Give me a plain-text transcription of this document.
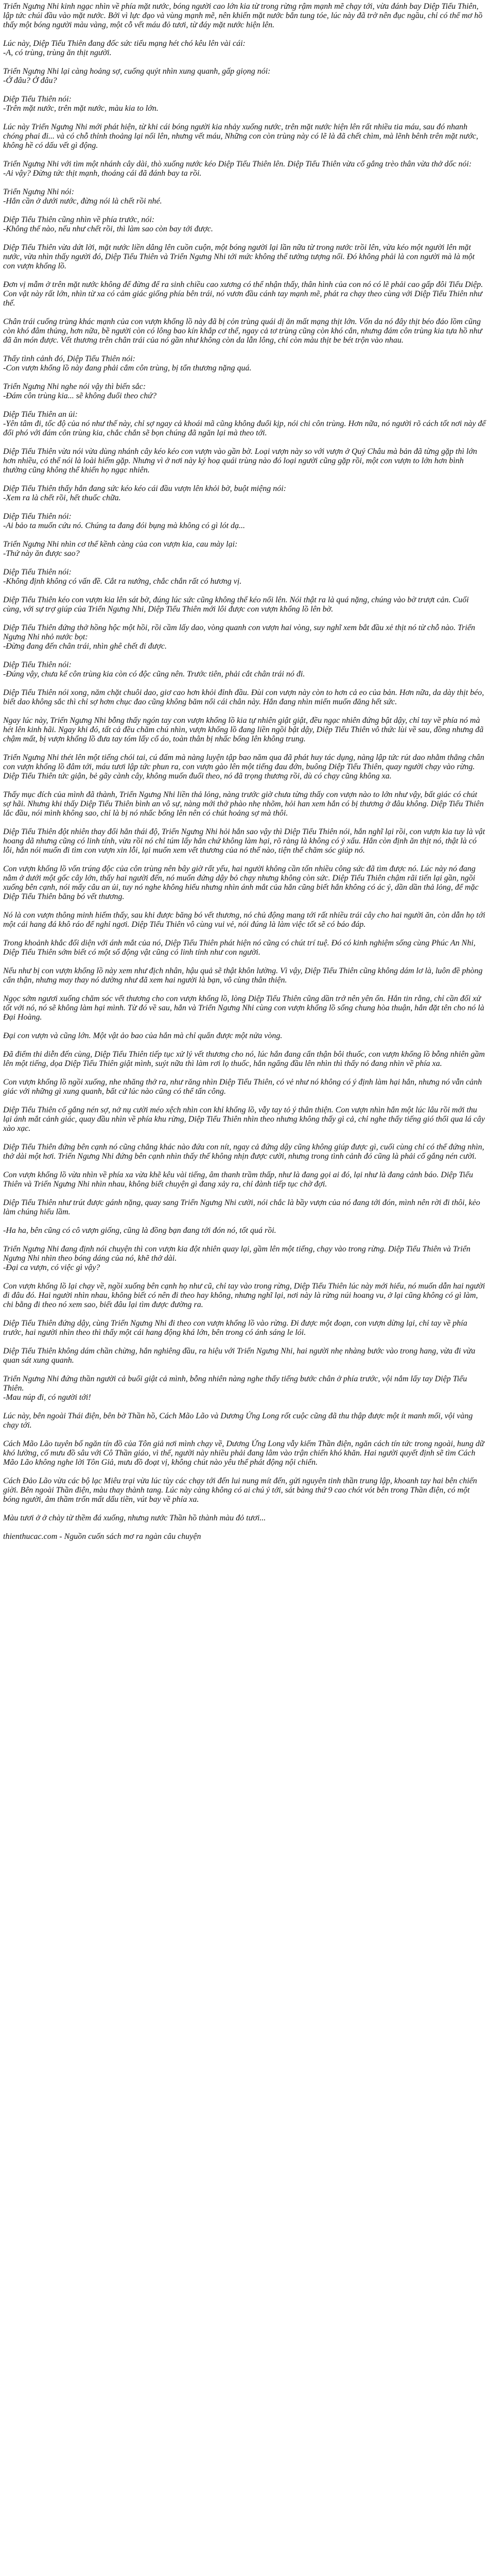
Triển Ngưng Nhi kinh ngạc nhìn về phía mặt nước, bóng người cao lớn kia từ trong rừng rậm mạnh mẽ chạy tới, vừa đánh bay Diệp Tiểu Thiên, lập tức chúi đầu vào mặt nước. Bởi vì lực đạo và vùng mạnh mẽ, nên khiến mặt nước bắn tung tóe, lúc này đã trở nên đục ngầu, chỉ có thể mơ hồ thấy một bóng người màu vàng, một cỗ vết máu đỏ tươi, từ đáy mặt nước hiện lên.

Lúc này, Diệp Tiểu Thiên đang đốc sức tiểu mạng hét chó kêu lên vài cái:
-A, có trùng, trùng ăn thịt người.

Triển Ngưng Nhi lại càng hoảng sợ, cuống quýt nhìn xung quanh, gấp giọng nói:
-Ở đâu? Ở đâu?

Diệp Tiểu Thiên nói:
-Trên mặt nước, trên mặt nước, màu kia to lớn.

Lúc này Triển Ngưng Nhi mới phát hiện, từ khi cái bóng người kia nhảy xuống nước, trên mặt nước hiện lên rất nhiều tia máu, sau đó nhanh chóng phai đi... và có chỗ thỉnh thoảng lại nổi lên, nhưng vết máu, Những con còn trùng này có lẽ là đã chết chìm, mà lẽnh bênh trên mặt nước, không hề có dấu vết gì động.

Triển Ngưng Nhi với tìm một nhánh cây dài, thò xuống nước kéo Diệp Tiểu Thiên lên. Diệp Tiểu Thiên vừa cố gắng trèo thân vừa thở dốc nói:
-Ai vậy? Đừng tức thịt mạnh, thoáng cái đã đánh bay ta rồi.

Triển Ngưng Nhi nói:
-Hắn cần ở dưới nước, đừng nói là chết rồi nhé.

Diệp Tiểu Thiên cũng nhìn về phía trước, nói:
-Không thể nào, nếu như chết rồi, thì làm sao còn bay tới được.

Diệp Tiểu Thiên vừa dứt lời, mặt nước liền dâng lên cuồn cuộn, một bóng người lại lần nữa từ trong nước trồi lên, vừa kéo một người lên mặt nước, vừa nhìn thấy người đó, Diệp Tiểu Thiên và Triển Ngưng Nhi tới mức không thể tưởng tượng nổi. Đó không phải là con người mà là một con vượn khổng lồ.

Đơn vị mẫm ở trên mặt nước không để đừng để ra sinh chiều cao xương có thể nhận thấy, thân hình của con nó có lẽ phải cao gấp đôi Tiểu Diệp. Con vật này rất lớn, nhìn từ xa có cảm giác giống phía bên trái, nó vươn đầu cánh tay mạnh mẽ, phát ra chạy theo cùng với Diệp Tiểu Thiên như thế.

Chân trái cuống trùng khác mạnh của con vượn khổng lồ này đã bị cỏn trùng quái dị ăn mất mạng thịt lớn. Vốn da nó đây thịt béo đáo lồm cũng còn khó đâm thủng, hơn nữa, bề người còn có lông bao kín khắp cơ thể, ngay cả tơ trùng cũng còn khó cắn, nhưng đám côn trùng kia tựa hồ như đã ăn món được. Vết thương trên chân trái của nó gần như không còn da lẫn lông, chỉ còn màu thịt be bét trộn vào nhau.

Thấy tình cảnh đó, Diệp Tiểu Thiên nói:
-Con vượn khổng lồ này đang phải cắm côn trùng, bị tổn thương nặng quá.

Triển Ngưng Nhi nghe nói vậy thì biến sắc:
-Đám côn trùng kia... sẽ không đuổi theo chứ?

Diệp Tiểu Thiên an ủi:
-Yên tâm đi, tốc độ của nó như thế này, chỉ sợ ngay cả khoái mã cũng không đuổi kịp, nói chi côn trùng. Hơn nữa, nó người rõ cách tốt nơi này để đổi phó với đám côn trùng kia, chắc chắn sẽ bọn chúng đã ngăn lại mà theo tới.

Diệp Tiểu Thiên vừa nói vừa dùng nhánh cây kéo kéo con vượn vào gần bờ. Loại vượn này so với vượn ở Quý Châu mà bản đã từng gặp thì lớn hơn nhiều, có thể nói là loài hiếm gặp. Nhưng vì ở nơi này ký hoạ quái trùng nào đó loại người cũng gặp rồi, một con vượn to lớn hơn bình thường cũng không thể khiến họ ngạc nhiên.

Diệp Tiểu Thiên thấy hắn đang sức kéo kéo cái đầu vượn lên khỏi bờ, buột miệng nói:
-Xem ra là chết rồi, hết thuốc chữa.

Diệp Tiểu Thiên nói:
-Ai bảo ta muốn cứu nó. Chúng ta đang đói bụng mà không có gì lót dạ...

Triển Ngưng Nhi nhìn cơ thể kềnh càng của con vượn kia, cau mày lại:
-Thứ này ăn được sao?

Diệp Tiểu Thiên nói:
-Không định không có vấn đề. Cắt ra nướng, chắc chắn rất có hương vị.

Diệp Tiểu Thiên kéo con vượn kia lên sát bờ, đúng lúc sức cũng không thể kéo nổi lên. Nói thật ra là quá nặng, chúng vào bờ trượt cản. Cuối cùng, với sự trợ giúp của Triển Ngưng Nhi, Diệp Tiểu Thiên mới lôi được con vượn khổng lồ lên bờ.

Diệp Tiểu Thiên đứng thở hồng hộc một hồi, rồi cầm lấy dao, vòng quanh con vượn hai vòng, suy nghĩ xem bắt đầu xẻ thịt nó từ chỗ nào. Triển Ngưng Nhi nhỏ nước bọt:
-Đừng đang đến chân trái, nhìn ghê chết đi được.

Diệp Tiểu Thiên nói:
-Đúng vậy, chưa kể côn trùng kia còn có độc cũng nên. Trước tiên, phải cắt chân trái nó đi.

Diệp Tiểu Thiên nói xong, năm chặt chuôi dao, giơ cao hơn khỏi đỉnh đầu. Đùi con vượn này còn to hơn cả eo của bản. Hơn nữa, da dày thịt béo, biết dao không sắc thì chỉ sợ hơm chục đao cũng không băm nổi cái chân này. Hắn đang nhìn miến muốn đăng hết sức.

Ngay lúc này, Triển Ngưng Nhi bỗng thấy ngón tay con vượn khổng lồ kia tự nhiên giật giật, đều ngạc nhiên đứng bật dậy, chỉ tay về phía nó mà hét lên kinh hãi. Ngay khi đó, tất cả đều chăm chú nhìn, vượn khổng lồ đang liền ngồi bật dậy, Diệp Tiểu Thiên vô thức lùi về sau, đồng nhưng đã chậm mất, bị vượn khổng lồ đưa tay tóm lấy cổ áo, toàn thân bị nhấc bổng lên không trung.

Triển Ngưng Nhi thét lên một tiếng chói tai, cú đấm mà nàng luyện tập bao năm qua đã phát huy tác dụng, nàng lập tức rút dao nhằm thẳng chân con vượn khổng lồ đâm tới, máu tươi lập tức phun ra, con vượn gào lên một tiếng đau đớn, buông Diệp Tiểu Thiên, quay người chạy vào rừng. Diệp Tiểu Thiên tức giận, bẻ gãy cành cây, không muốn đuổi theo, nó đã trọng thương rồi, dù có chạy cũng không xa.

Thấy mục đích của mình đã thành, Triển Ngưng Nhi liền thả lỏng, nàng trước giờ chưa từng thấy con vượn nào to lớn như vậy, bất giác có chút sợ hãi. Nhưng khi thấy Diệp Tiểu Thiên bình an vô sự, nàng mới thở phào nhẹ nhõm, hỏi han xem hắn có bị thương ở đâu không. Diệp Tiểu Thiên lắc đầu, nói mình không sao, chỉ là bị nó nhấc bổng lên nên có chút hoảng sợ mà thôi.

Diệp Tiểu Thiên đột nhiên thay đổi hẳn thái độ, Triển Ngưng Nhi hỏi hắn sao vậy thì Diệp Tiểu Thiên nói, hắn nghĩ lại rồi, con vượn kia tuy là vật hoang dã nhưng cũng có linh tính, vừa rồi nó chỉ túm lấy hắn chứ không làm hại, rõ ràng là không có ý xấu. Hắn còn định ăn thịt nó, thật là có lỗi, hắn nói muốn đi tìm con vượn xin lỗi, lại muốn xem vết thương của nó thế nào, tiện thể chăm sóc giúp nó.

Con vượn khổng lồ vốn trúng độc của côn trùng nên bây giờ rất yếu, hai người không cần tốn nhiều công sức đã tìm được nó. Lúc này nó đang nằm ở dưới một gốc cây lớn, thấy hai người đến, nó muốn đứng dậy bỏ chạy nhưng không còn sức. Diệp Tiểu Thiên chậm rãi tiến lại gần, ngồi xuống bên cạnh, nói mấy câu an ủi, tuy nó nghe không hiểu nhưng nhìn ánh mắt của hắn cũng biết hắn không có ác ý, dần dần thả lỏng, để mặc Diệp Tiểu Thiên băng bó vết thương.

Nó là con vượn thông minh hiếm thấy, sau khi được băng bó vết thương, nó chủ động mang tới rất nhiều trái cây cho hai người ăn, còn dẫn họ tới một cái hang đá khô ráo để nghỉ ngơi. Diệp Tiểu Thiên vô cùng vui vẻ, nói đúng là làm việc tốt sẽ có báo đáp.

Trong khoảnh khắc đối diện với ánh mắt của nó, Diệp Tiểu Thiên phát hiện nó cũng có chút trí tuệ. Đó có kinh nghiệm sống cùng Phúc An Nhi, Diệp Tiểu Thiên sớm biết có một số động vật cũng có linh tính như con người.

Nếu như bị con vượn khổng lồ này xem như địch nhân, hậu quả sẽ thật khôn lường. Vì vậy, Diệp Tiểu Thiên cũng không dám lơ là, luôn đề phòng cẩn thận, nhưng may thay nó dường như đã xem hai người là bạn, vô cùng thân thiện.

Ngọc sớm ngươi xuống chăm sóc vết thương cho con vượn khổng lồ, lòng Diệp Tiểu Thiên cũng dần trở nên yên ổn. Hắn tin rằng, chỉ cần đối xử tốt với nó, nó sẽ không làm hại mình. Từ đó về sau, hắn và Triển Ngưng Nhi cùng con vượn khổng lồ sống chung hòa thuận, hắn đặt tên cho nó là Đại Hoàng.

Đại con vượn và cũng lớn. Một vật ảo bao của hắn mà chỉ quẩn được một nửa vòng.

Đã điểm thi diễn đến cùng, Diệp Tiểu Thiên tiếp tục xử lý vết thương cho nó, lúc hắn đang cẩn thận bôi thuốc, con vượn khổng lồ bỗng nhiên gầm lên một tiếng, dọa Diệp Tiểu Thiên giật mình, suýt nữa thì làm rơi lọ thuốc, hắn ngẩng đầu lên nhìn thì thấy nó đang nhìn về phía xa.

Con vượn khổng lồ ngồi xuống, nhe nhăng thở ra, như răng nhìn Diệp Tiểu Thiên, có vẻ như nó không có ý định làm hại hắn, nhưng nó vẫn cảnh giác với những gì xung quanh, bất cứ lúc nào cũng có thể tấn công.

Diệp Tiểu Thiên cố gắng nén sợ, nở nụ cười méo xệch nhìn con khỉ khổng lồ, vẫy tay tỏ ý thân thiện. Con vượn nhìn hắn một lúc lâu rồi mới thu lại ánh mắt cảnh giác, quay đầu nhìn về phía khu rừng, Diệp Tiểu Thiên nhìn theo nhưng không thấy gì cả, chỉ nghe thấy tiếng gió thổi qua lá cây xào xạc.

Diệp Tiểu Thiên đứng bên cạnh nó cũng chẳng khác nào đứa con nít, ngay cả đứng dậy cũng không giúp được gì, cuối cùng chỉ có thể đứng nhìn, thở dài một hơi. Triển Ngưng Nhi đứng bên cạnh nhìn thấy thế không nhịn được cười, nhưng trong tình cảnh đó cũng là phải cố gắng nén cười.

Con vượn khổng lồ vừa nhìn về phía xa vừa khẽ kêu vài tiếng, âm thanh trầm thấp, như là đang gọi ai đó, lại như là đang cảnh báo. Diệp Tiểu Thiên và Triển Ngưng Nhi nhìn nhau, không biết chuyện gì đang xảy ra, chỉ đành tiếp tục chờ đợi.

Diệp Tiểu Thiên như trút được gánh nặng, quay sang Triển Ngưng Nhi cười, nói chắc là bầy vượn của nó đang tới đón, mình nên rời đi thôi, kẻo làm chúng hiểu lầm.

-Ha ha, bên cũng có cô vượn giống, cũng là đồng bạn đang tới đón nó, tốt quá rồi.

Triển Ngưng Nhi đang định nói chuyện thì con vượn kia đột nhiên quay lại, gầm lên một tiếng, chạy vào trong rừng. Diệp Tiểu Thiên và Triển Ngưng Nhi nhìn theo bóng dáng của nó, khẽ thở dài.
-Đại ca vượn, có việc gì vậy?

Con vượn khổng lồ lại chạy về, ngồi xuống bên cạnh họ như cũ, chỉ tay vào trong rừng, Diệp Tiểu Thiên lúc này mới hiểu, nó muốn dẫn hai người đi đâu đó. Hai người nhìn nhau, không biết có nên đi theo hay không, nhưng nghĩ lại, nơi này là rừng núi hoang vu, ở lại cũng không có gì làm, chi bằng đi theo nó xem sao, biết đâu lại tìm được đường ra.

Diệp Tiểu Thiên đứng dậy, cùng Triển Ngưng Nhi đi theo con vượn khổng lồ vào rừng. Đi được một đoạn, con vượn dừng lại, chỉ tay về phía trước, hai người nhìn theo thì thấy một cái hang động khá lớn, bên trong có ánh sáng le lói.

Diệp Tiểu Thiên không dám chần chừng, hắn nghiêng đầu, ra hiệu với Triển Ngưng Nhi, hai người nhẹ nhàng bước vào trong hang, vừa đi vừa quan sát xung quanh.

Triển Ngưng Nhi đứng thần người cả buổi giật cả mình, bỗng nhiên nàng nghe thấy tiếng bước chân ở phía trước, vội nắm lấy tay Diệp Tiểu Thiên.
-Mau núp đi, có người tới!

Lúc này, bên ngoài Thái điện, bên bờ Thần hồ, Cách Mão Lão và Dương Ứng Long rốt cuộc cũng đã thu thập được một ít manh mối, vội vàng chạy tới.

Cách Mão Lão tuyên bố ngăn tín đồ của Tôn giả nơi mình chạy về, Dương Ứng Long vẫy kiếm Thần điện, ngăn cách tín tức trong ngoài, hung dữ khó lường, cố mưu đồ sâu với Cô Thần giáo, vì thế, người này nhiều phải đang lâm vào trận chiến khó khăn. Hai người quyết định sẽ tìm Cách Mão Lão không nghe lời Tôn Giả, mưu đồ đoạt vị, không chút nào yêu thể phát động nội chiến.

Cách Đảo Lão vừa các bộ lạc Miêu trại vừa lúc tùy các chạy tới đến lui nung mít đến, gửi nguyên tinh thần trung lập, khoanh tay hai bên chiến giời. Bên ngoài Thần điện, màu thay thành tang. Lúc này càng không có ai chú ý tới, sát bàng thứ 9 cao chót vót bên trong Thần điện, có một bóng người, âm thầm trốn mất dấu tiền, vút bay về phía xa.

Màu tươi ở ở chày từ thềm đá xuống, nhưng nước Thần hồ thành màu đỏ tươi...

thienthucac.com - Nguồn cuốn sách mơ ra ngàn câu chuyện
